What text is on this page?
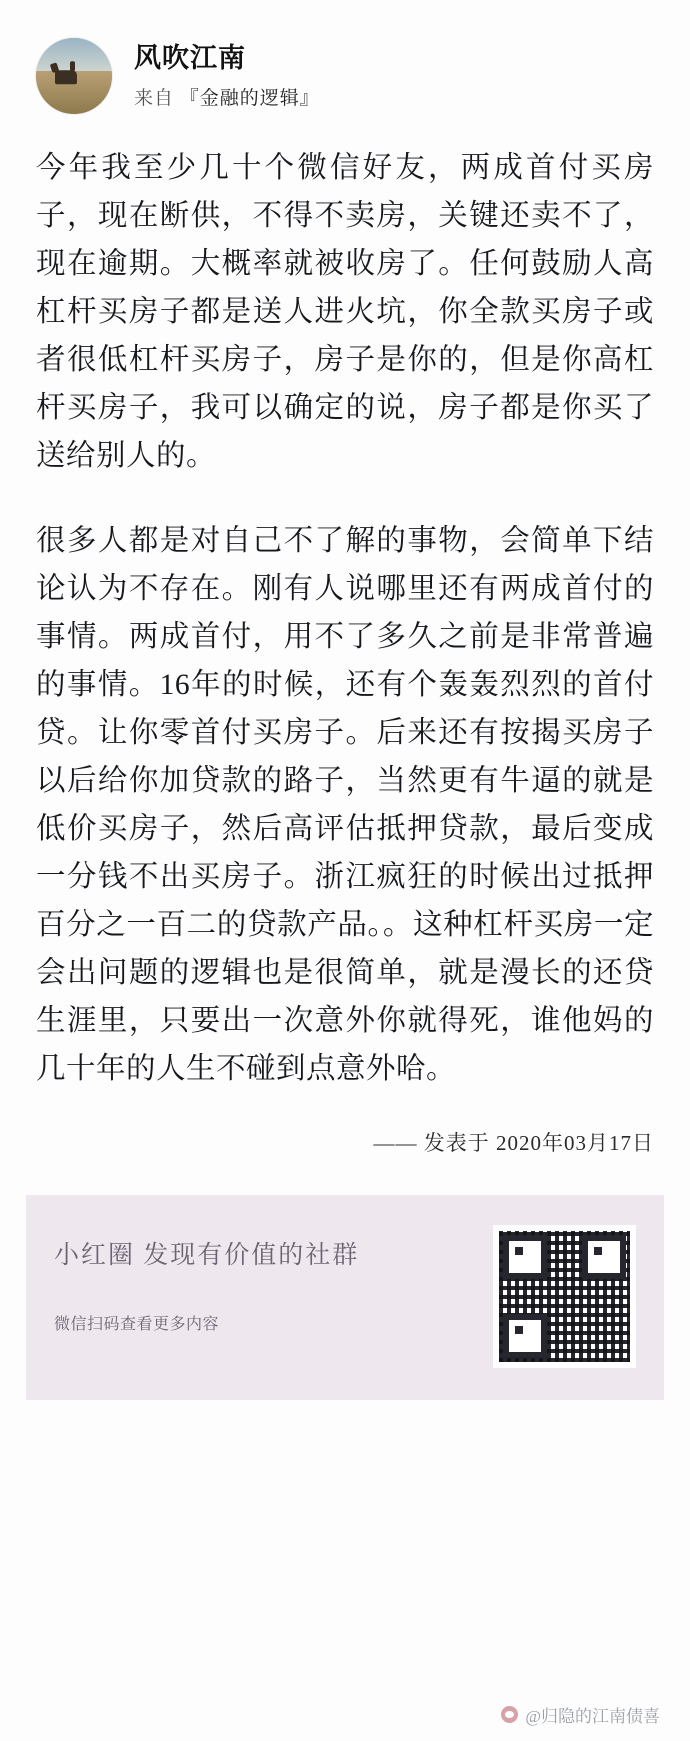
风吹江南
来自 『金融的逻辑』

今年我至少几十个微信好友，两成首付买房子，现在断供，不得不卖房，关键还卖不了，现在逾期。大概率就被收房了。任何鼓励人高杠杆买房子都是送人进火坑，你全款买房子或者很低杠杆买房子，房子是你的，但是你高杠杆买房子，我可以确定的说，房子都是你买了送给别人的。

很多人都是对自己不了解的事物，会简单下结论认为不存在。刚有人说哪里还有两成首付的事情。两成首付，用不了多久之前是非常普遍的事情。16年的时候，还有个轰轰烈烈的首付贷。让你零首付买房子。后来还有按揭买房子以后给你加贷款的路子，当然更有牛逼的就是低价买房子，然后高评估抵押贷款，最后变成一分钱不出买房子。浙江疯狂的时候出过抵押百分之一百二的贷款产品。。这种杠杆买房一定会出问题的逻辑也是很简单，就是漫长的还贷生涯里，只要出一次意外你就得死，谁他妈的几十年的人生不碰到点意外哈。

—— 发表于 2020年03月17日
小红圈 发现有价值的社群
微信扫码查看更多内容
@归隐的江南债喜
